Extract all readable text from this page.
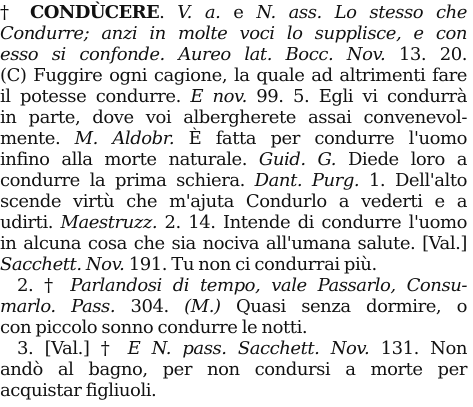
† CONDÙCERE. V. a. e N. ass. Lo stesso che
Condurre; anzi in molte voci lo supplisce, e con
esso si confonde. Aureo lat. Bocc. Nov. 13. 20.
(C) Fuggire ogni cagione, la quale ad altrimenti fare
il potesse condurre. E nov. 99. 5. Egli vi condurrà
in parte, dove voi albergherete assai convenevol-
mente. M. Aldobr. È fatta per condurre l'uomo
infino alla morte naturale. Guid. G. Diede loro a
condurre la prima schiera. Dant. Purg. 1. Dell'alto
scende virtù che m'ajuta Condurlo a vederti e a
udirti. Maestruzz. 2. 14. Intende di condurre l'uomo
in alcuna cosa che sia nociva all'umana salute. [Val.]
Sacchett. Nov. 191. Tu non ci condurrai più.
2. † Parlandosi di tempo, vale Passarlo, Consu-
marlo. Pass. 304. (M.) Quasi senza dormire, o
con piccolo sonno condurre le notti.
3. [Val.] † E N. pass. Sacchett. Nov. 131. Non
andò al bagno, per non condursi a morte per
acquistar figliuoli.
